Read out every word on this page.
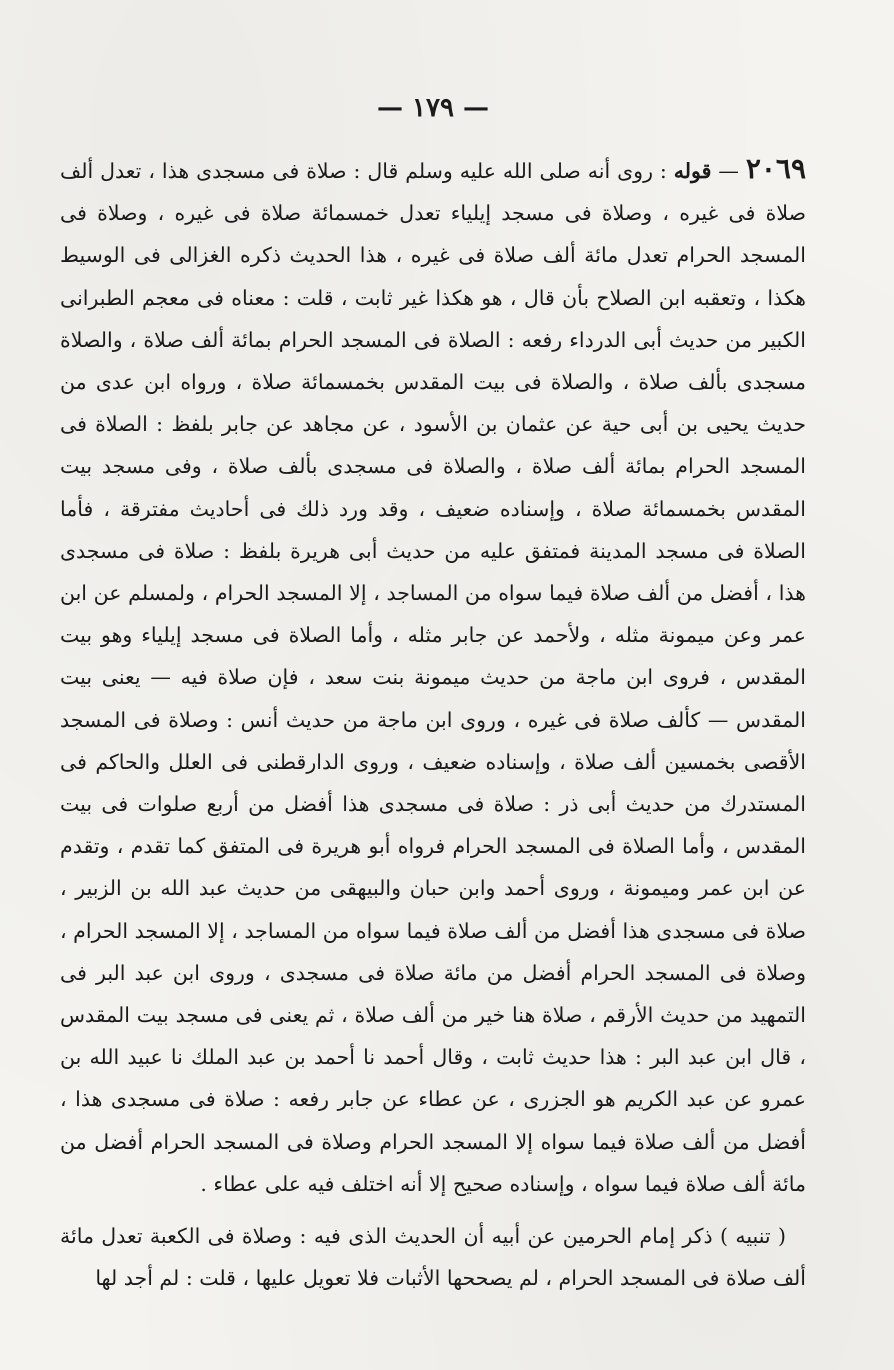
— ١٧٩ —

٢٠٦٩ — قوله : روى أنه صلى الله عليه وسلم قال : صلاة فى مسجدى هذا ، تعدل ألف صلاة فى غيره ، وصلاة فى مسجد إيلياء تعدل خمسمائة صلاة فى غيره ، وصلاة فى المسجد الحرام تعدل مائة ألف صلاة فى غيره ، هذا الحديث ذكره الغزالى فى الوسيط هكذا ، وتعقبه ابن الصلاح بأن قال ، هو هكذا غير ثابت ، قلت : معناه فى معجم الطبرانى الكبير من حديث أبى الدرداء رفعه : الصلاة فى المسجد الحرام بمائة ألف صلاة ، والصلاة مسجدى بألف صلاة ، والصلاة فى بيت المقدس بخمسمائة صلاة ، ورواه ابن عدى من حديث يحيى بن أبى حية عن عثمان بن الأسود ، عن مجاهد عن جابر بلفظ : الصلاة فى المسجد الحرام بمائة ألف صلاة ، والصلاة فى مسجدى بألف صلاة ، وفى مسجد بيت المقدس بخمسمائة صلاة ، وإسناده ضعيف ، وقد ورد ذلك فى أحاديث مفترقة ، فأما الصلاة فى مسجد المدينة فمتفق عليه من حديث أبى هريرة بلفظ : صلاة فى مسجدى هذا ، أفضل من ألف صلاة فيما سواه من المساجد ، إلا المسجد الحرام ، ولمسلم عن ابن عمر وعن ميمونة مثله ، ولأحمد عن جابر مثله ، وأما الصلاة فى مسجد إيلياء وهو بيت المقدس ، فروى ابن ماجة من حديث ميمونة بنت سعد ، فإن صلاة فيه — يعنى بيت المقدس — كألف صلاة فى غيره ، وروى ابن ماجة من حديث أنس : وصلاة فى المسجد الأقصى بخمسين ألف صلاة ، وإسناده ضعيف ، وروى الدارقطنى فى العلل والحاكم فى المستدرك من حديث أبى ذر : صلاة فى مسجدى هذا أفضل من أربع صلوات فى بيت المقدس ، وأما الصلاة فى المسجد الحرام فرواه أبو هريرة فى المتفق كما تقدم ، وتقدم عن ابن عمر وميمونة ، وروى أحمد وابن حبان والبيهقى من حديث عبد الله بن الزبير ، صلاة فى مسجدى هذا أفضل من ألف صلاة فيما سواه من المساجد ، إلا المسجد الحرام ، وصلاة فى المسجد الحرام أفضل من مائة صلاة فى مسجدى ، وروى ابن عبد البر فى التمهيد من حديث الأرقم ، صلاة هنا خير من ألف صلاة ، ثم يعنى فى مسجد بيت المقدس ، قال ابن عبد البر : هذا حديث ثابت ، وقال أحمد نا أحمد بن عبد الملك نا عبيد الله بن عمرو عن عبد الكريم هو الجزرى ، عن عطاء عن جابر رفعه : صلاة فى مسجدى هذا ، أفضل من ألف صلاة فيما سواه إلا المسجد الحرام وصلاة فى المسجد الحرام أفضل من مائة ألف صلاة فيما سواه ، وإسناده صحيح إلا أنه اختلف فيه على عطاء .

( تنبيه ) ذكر إمام الحرمين عن أبيه أن الحديث الذى فيه : وصلاة فى الكعبة تعدل مائة ألف صلاة فى المسجد الحرام ، لم يصححها الأثبات فلا تعويل عليها ، قلت : لم أجد لها
